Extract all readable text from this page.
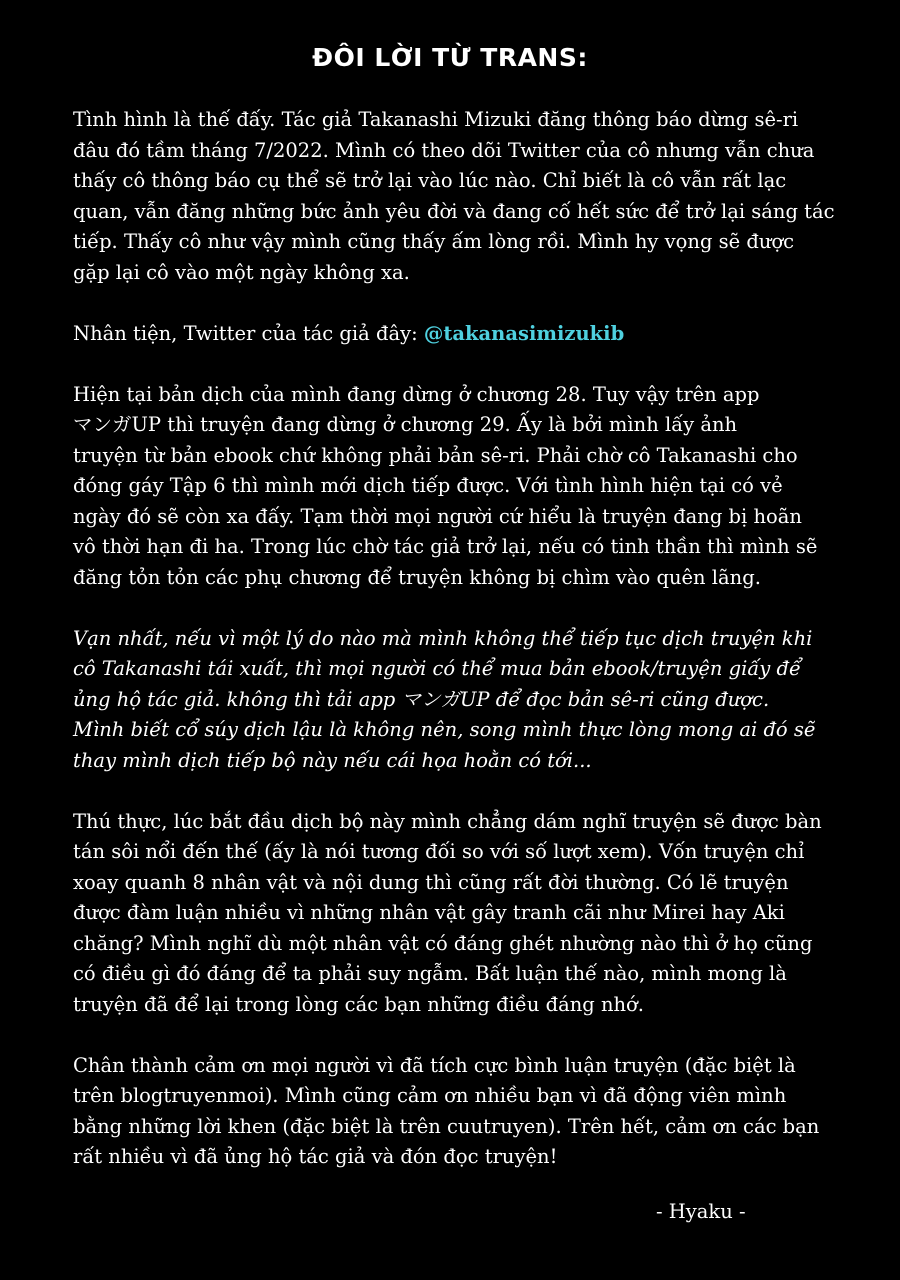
ĐÔI LỜI TỪ TRANS:

Tình hình là thế đấy. Tác giả Takanashi Mizuki đăng thông báo dừng sê-ri
đâu đó tầm tháng 7/2022. Mình có theo dõi Twitter của cô nhưng vẫn chưa
thấy cô thông báo cụ thể sẽ trở lại vào lúc nào. Chỉ biết là cô vẫn rất lạc
quan, vẫn đăng những bức ảnh yêu đời và đang cố hết sức để trở lại sáng tác
tiếp. Thấy cô như vậy mình cũng thấy ấm lòng rồi. Mình hy vọng sẽ được
gặp lại cô vào một ngày không xa.

Nhân tiện, Twitter của tác giả đây: @takanasimizukib

Hiện tại bản dịch của mình đang dừng ở chương 28. Tuy vậy trên app
マンガUP thì truyện đang dừng ở chương 29. Ấy là bởi mình lấy ảnh
truyện từ bản ebook chứ không phải bản sê-ri. Phải chờ cô Takanashi cho
đóng gáy Tập 6 thì mình mới dịch tiếp được. Với tình hình hiện tại có vẻ
ngày đó sẽ còn xa đấy. Tạm thời mọi người cứ hiểu là truyện đang bị hoãn
vô thời hạn đi ha. Trong lúc chờ tác giả trở lại, nếu có tinh thần thì mình sẽ
đăng tỏn tỏn các phụ chương để truyện không bị chìm vào quên lãng.

Vạn nhất, nếu vì một lý do nào mà mình không thể tiếp tục dịch truyện khi
cô Takanashi tái xuất, thì mọi người có thể mua bản ebook/truyện giấy để
ủng hộ tác giả. không thì tải app マンガUP để đọc bản sê-ri cũng được.
Mình biết cổ súy dịch lậu là không nên, song mình thực lòng mong ai đó sẽ
thay mình dịch tiếp bộ này nếu cái họa hoằn có tới...

Thú thực, lúc bắt đầu dịch bộ này mình chẳng dám nghĩ truyện sẽ được bàn
tán sôi nổi đến thế (ấy là nói tương đối so với số lượt xem). Vốn truyện chỉ
xoay quanh 8 nhân vật và nội dung thì cũng rất đời thường. Có lẽ truyện
được đàm luận nhiều vì những nhân vật gây tranh cãi như Mirei hay Aki
chăng? Mình nghĩ dù một nhân vật có đáng ghét nhường nào thì ở họ cũng
có điều gì đó đáng để ta phải suy ngẫm. Bất luận thế nào, mình mong là
truyện đã để lại trong lòng các bạn những điều đáng nhớ.

Chân thành cảm ơn mọi người vì đã tích cực bình luận truyện (đặc biệt là
trên blogtruyenmoi). Mình cũng cảm ơn nhiều bạn vì đã động viên mình
bằng những lời khen (đặc biệt là trên cuutruyen). Trên hết, cảm ơn các bạn
rất nhiều vì đã ủng hộ tác giả và đón đọc truyện!

- Hyaku -
